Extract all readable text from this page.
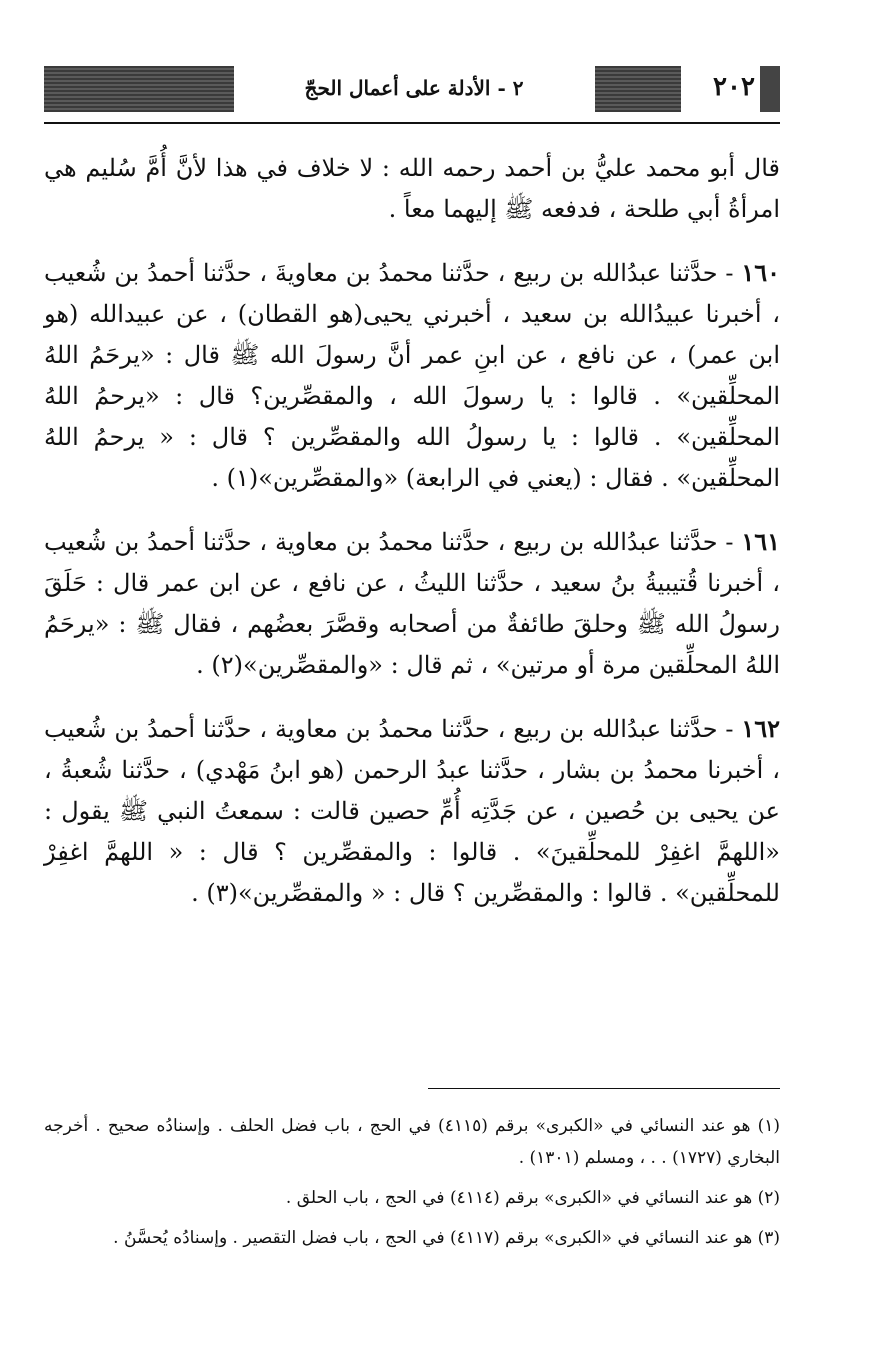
٢ - الأدلة على أعمال الحجّ	٢٠٢

قال أبو محمد عليُّ بن أحمد رحمه الله : لا خلاف في هذا لأنَّ أُمَّ سُليم هي امرأةُ أبي طلحة ، فدفعه ﷺ إليهما معاً .

١٦٠ - حدَّثنا عبدُالله بن ربيع ، حدَّثنا محمدُ بن معاويةَ ، حدَّثنا أحمدُ بن شُعيب ، أخبرنا عبيدُالله بن سعيد ، أخبرني يحيى(هو القطان) ، عن عبيدالله (هو ابن عمر) ، عن نافع ، عن ابنِ عمر أنَّ رسولَ الله ﷺ قال : «يرحَمُ اللهُ المحلِّقين» . قالوا : يا رسولَ الله ، والمقصِّرين؟ قال : «يرحمُ اللهُ المحلِّقين» . قالوا : يا رسولُ الله والمقصِّرين ؟ قال : « يرحمُ اللهُ المحلِّقين» . فقال : (يعني في الرابعة) «والمقصِّرين»(١) .

١٦١ - حدَّثنا عبدُالله بن ربيع ، حدَّثنا محمدُ بن معاوية ، حدَّثنا أحمدُ بن شُعيب ، أخبرنا قُتيبيةُ بنُ سعيد ، حدَّثنا الليثُ ، عن نافع ، عن ابن عمر قال : حَلَقَ رسولُ الله ﷺ وحلقَ طائفةٌ من أصحابه وقصَّرَ بعضُهم ، فقال ﷺ : «يرحَمُ اللهُ المحلِّقين مرة أو مرتين» ، ثم قال : «والمقصِّرين»(٢) .

١٦٢ - حدَّثنا عبدُالله بن ربيع ، حدَّثنا محمدُ بن معاوية ، حدَّثنا أحمدُ بن شُعيب ، أخبرنا محمدُ بن بشار ، حدَّثنا عبدُ الرحمن (هو ابنُ مَهْدي) ، حدَّثنا شُعبةُ ، عن يحيى بن حُصين ، عن جَدَّتِه أُمِّ حصين قالت : سمعتُ النبي ﷺ يقول : «اللهمَّ اغفِرْ للمحلِّقينَ» . قالوا : والمقصِّرين ؟ قال : « اللهمَّ اغفِرْ للمحلِّقين» . قالوا : والمقصِّرين ؟ قال : « والمقصِّرين»(٣) .

(١) هو عند النسائي في «الكبرى» برقم (٤١١٥) في الحج ، باب فضل الحلف . وإسنادُه صحيح . أخرجه البخاري (١٧٢٧) . . ، ومسلم (١٣٠١) .

(٢) هو عند النسائي في «الكبرى» برقم (٤١١٤) في الحج ، باب الحلق .

(٣) هو عند النسائي في «الكبرى» برقم (٤١١٧) في الحج ، باب فضل التقصير . وإسنادُه يُحسَّنُ .
